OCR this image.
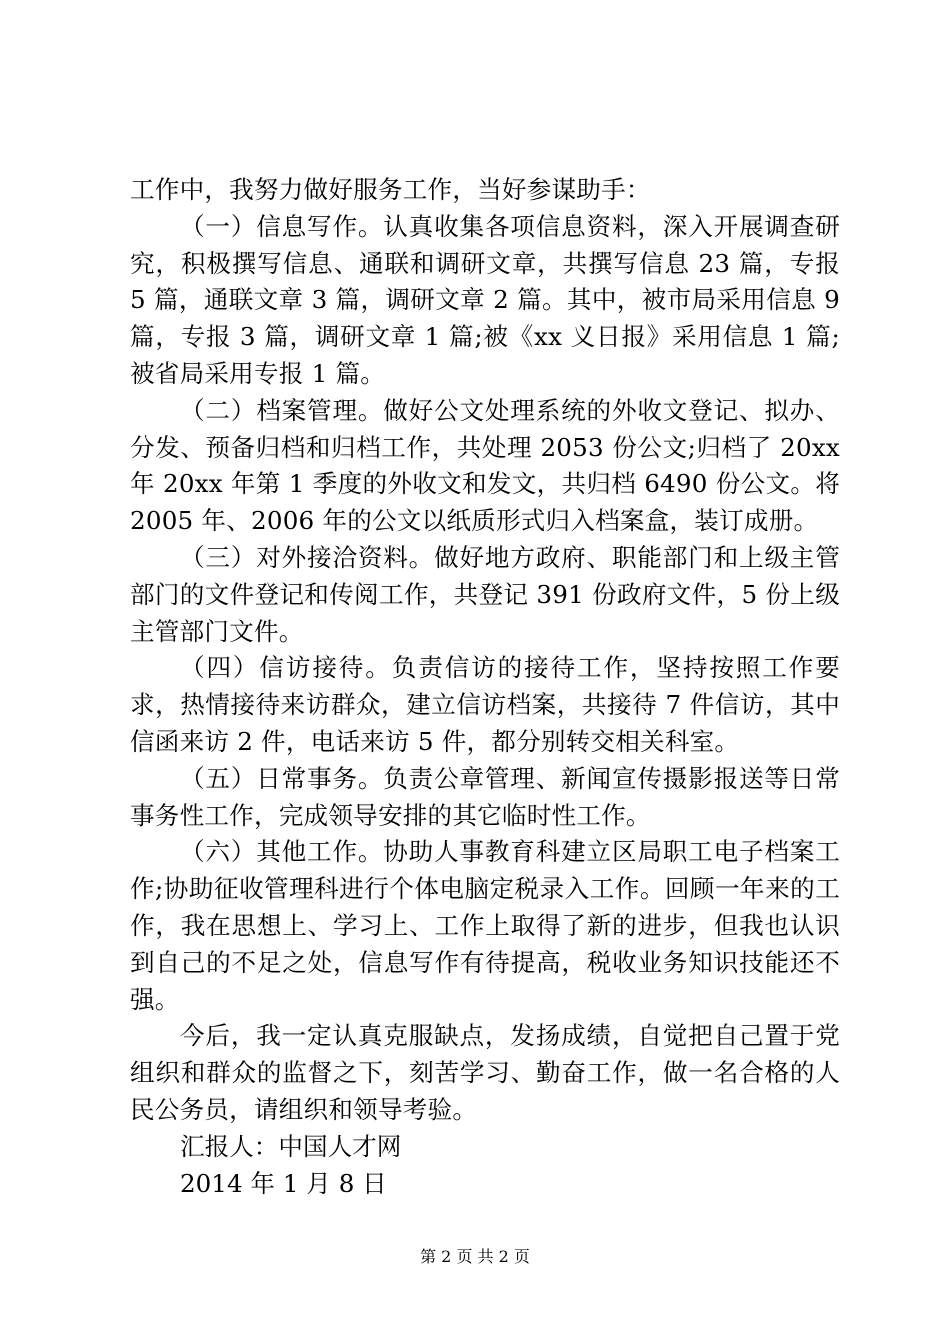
工作中，我努力做好服务工作，当好参谋助手：

（一）信息写作。认真收集各项信息资料，深入开展调查研究，积极撰写信息、通联和调研文章，共撰写信息 23 篇，专报 5 篇，通联文章 3 篇，调研文章 2 篇。其中，被市局采用信息 9 篇，专报 3 篇，调研文章 1 篇;被《xx 义日报》采用信息 1 篇;被省局采用专报 1 篇。

（二）档案管理。做好公文处理系统的外收文登记、拟办、分发、预备归档和归档工作，共处理 2053 份公文;归档了 20xx 年 20xx 年第 1 季度的外收文和发文，共归档 6490 份公文。将 2005 年、2006 年的公文以纸质形式归入档案盒，装订成册。

（三）对外接洽资料。做好地方政府、职能部门和上级主管部门的文件登记和传阅工作，共登记 391 份政府文件，5 份上级主管部门文件。

（四）信访接待。负责信访的接待工作，坚持按照工作要求，热情接待来访群众，建立信访档案，共接待 7 件信访，其中信函来访 2 件，电话来访 5 件，都分别转交相关科室。

（五）日常事务。负责公章管理、新闻宣传摄影报送等日常事务性工作，完成领导安排的其它临时性工作。

（六）其他工作。协助人事教育科建立区局职工电子档案工作;协助征收管理科进行个体电脑定税录入工作。回顾一年来的工作，我在思想上、学习上、工作上取得了新的进步，但我也认识到自己的不足之处，信息写作有待提高，税收业务知识技能还不强。

今后，我一定认真克服缺点，发扬成绩，自觉把自己置于党组织和群众的监督之下，刻苦学习、勤奋工作，做一名合格的人民公务员，请组织和领导考验。

汇报人：中国人才网

2014 年 1 月 8 日

第 2 页 共 2 页
